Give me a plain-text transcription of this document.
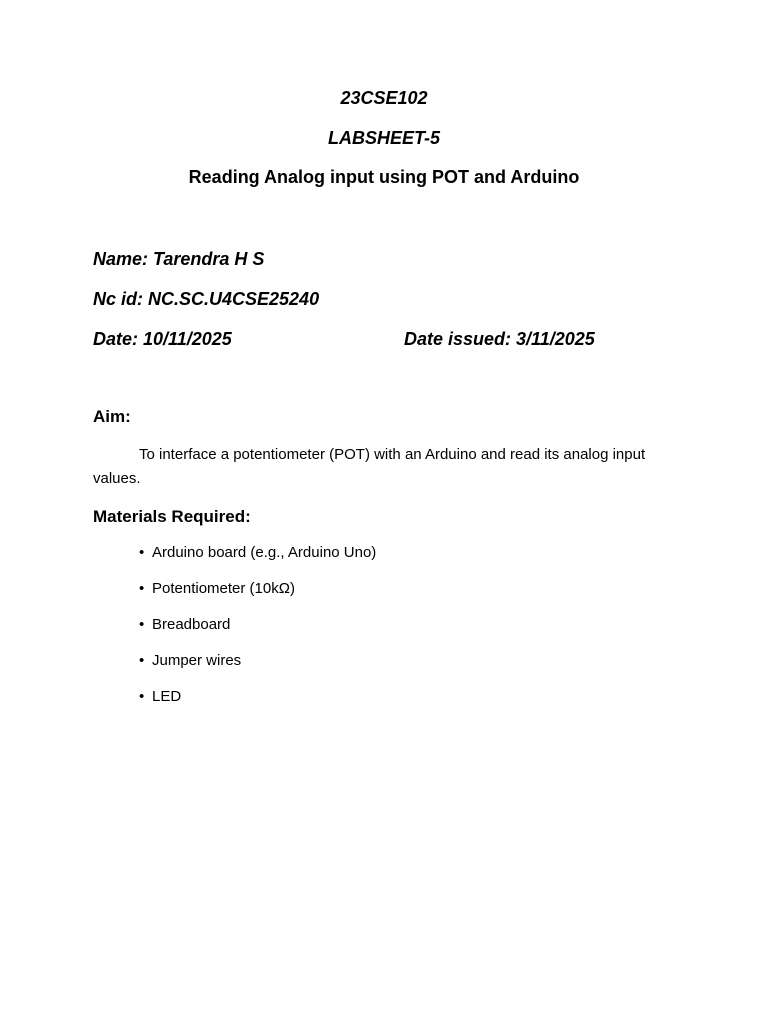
23CSE102
LABSHEET-5
Reading Analog input using POT and Arduino
Name: Tarendra H S
Nc id: NC.SC.U4CSE25240
Date: 10/11/2025	Date issued: 3/11/2025
Aim:

To interface a potentiometer (POT) with an Arduino and read its analog input values.

Materials Required:
• Arduino board (e.g., Arduino Uno)
• Potentiometer (10kΩ)
• Breadboard
• Jumper wires
• LED
